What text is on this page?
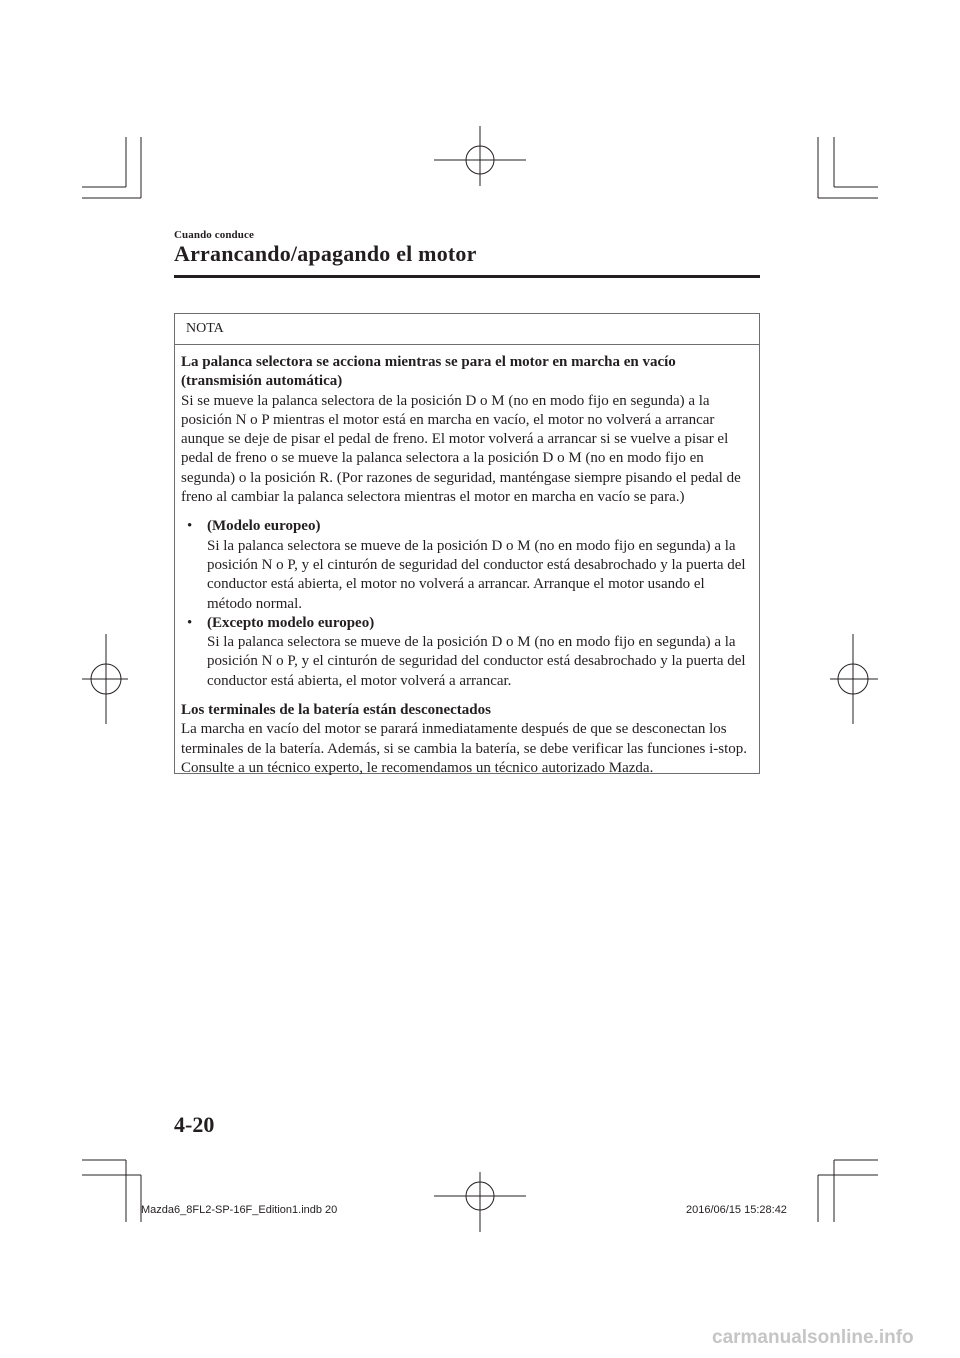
Cuando conduce
Arrancando/apagando el motor
NOTA

La palanca selectora se acciona mientras se para el motor en marcha en vacío (transmisión automática)

Si se mueve la palanca selectora de la posición D o M (no en modo fijo en segunda) a la posición N o P mientras el motor está en marcha en vacío, el motor no volverá a arrancar aunque se deje de pisar el pedal de freno. El motor volverá a arrancar si se vuelve a pisar el pedal de freno o se mueve la palanca selectora a la posición D o M (no en modo fijo en segunda) o la posición R. (Por razones de seguridad, manténgase siempre pisando el pedal de freno al cambiar la palanca selectora mientras el motor en marcha en vacío se para.)

• (Modelo europeo)

Si la palanca selectora se mueve de la posición D o M (no en modo fijo en segunda) a la posición N o P, y el cinturón de seguridad del conductor está desabrochado y la puerta del conductor está abierta, el motor no volverá a arrancar. Arranque el motor usando el método normal.

• (Excepto modelo europeo)

Si la palanca selectora se mueve de la posición D o M (no en modo fijo en segunda) a la posición N o P, y el cinturón de seguridad del conductor está desabrochado y la puerta del conductor está abierta, el motor volverá a arrancar.

Los terminales de la batería están desconectados

La marcha en vacío del motor se parará inmediatamente después de que se desconectan los terminales de la batería. Además, si se cambia la batería, se debe verificar las funciones i-stop. Consulte a un técnico experto, le recomendamos un técnico autorizado Mazda.

4-20
Mazda6_8FL2-SP-16F_Edition1.indb 20	2016/06/15 15:28:42
carmanualsonline.info
